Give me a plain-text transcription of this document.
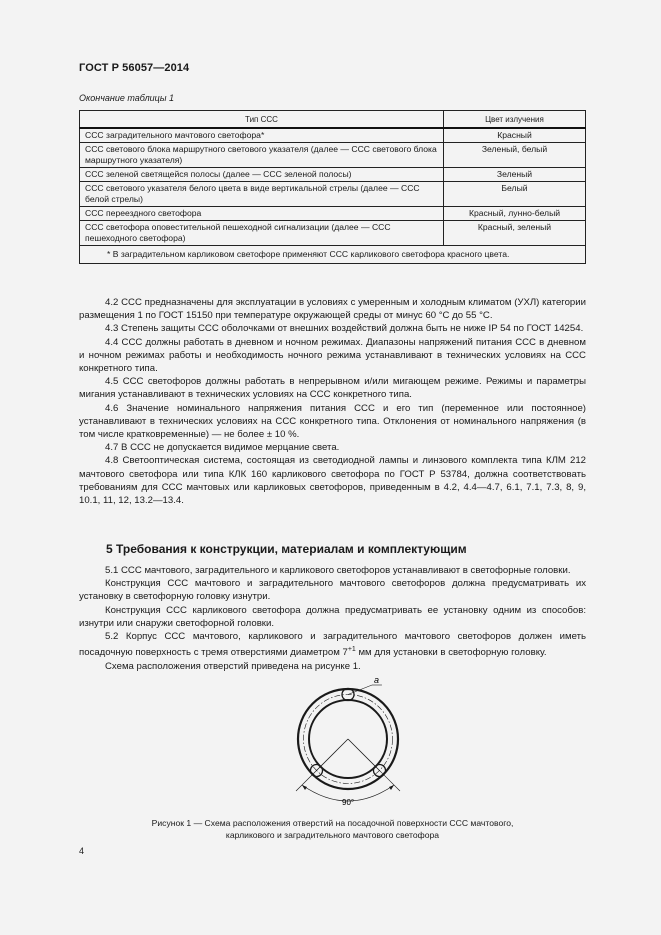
ГОСТ Р 56057—2014
Окончание таблицы 1
Тип ССС	Цвет излучения
ССС заградительного мачтового светофора*	Красный
ССС светового блока маршрутного светового указателя (далее — ССС светового блока маршрутного указателя)	Зеленый, белый
ССС зеленой светящейся полосы (далее — ССС зеленой полосы)	Зеленый
ССС светового указателя белого цвета в виде вертикальной стрелы (далее — ССС белой стрелы)	Белый
ССС переездного светофора	Красный, лунно-белый
ССС светофора оповестительной пешеходной сигнализации (далее — ССС пешеходного светофора)	Красный, зеленый
* В заградительном карликовом светофоре применяют ССС карликового светофора красного цвета.	

4.2 ССС предназначены для эксплуатации в условиях с умеренным и холодным климатом (УХЛ) категории размещения 1 по ГОСТ 15150 при температуре окружающей среды от минус 60 °С до 55 °С.

4.3 Степень защиты ССС оболочками от внешних воздействий должна быть не ниже IP 54 по ГОСТ 14254.

4.4 ССС должны работать в дневном и ночном режимах. Диапазоны напряжений питания ССС в дневном и ночном режимах работы и необходимость ночного режима устанавливают в технических условиях на ССС конкретного типа.

4.5 ССС светофоров должны работать в непрерывном и/или мигающем режиме. Режимы и параметры мигания устанавливают в технических условиях на ССС конкретного типа.

4.6 Значение номинального напряжения питания ССС и его тип (переменное или постоянное) устанавливают в технических условиях на ССС конкретного типа. Отклонения от номинального напряжения (в том числе кратковременные) — не более ± 10 %.

4.7 В ССС не допускается видимое мерцание света.

4.8 Светооптическая система, состоящая из светодиодной лампы и линзового комплекта типа КЛМ 212 мачтового светофора или типа КЛК 160 карликового светофора по ГОСТ Р 53784, должна соответствовать требованиям для ССС мачтовых или карликовых светофоров, приведенным в 4.2, 4.4—4.7, 6.1, 7.1, 7.3, 8, 9, 10.1, 11, 12, 13.2—13.4.

5 Требования к конструкции, материалам и комплектующим

5.1 ССС мачтового, заградительного и карликового светофоров устанавливают в светофорные головки.

Конструкция ССС мачтового и заградительного мачтового светофоров должна предусматривать их установку в светофорную головку изнутри.

Конструкция ССС карликового светофора должна предусматривать ее установку одним из способов: изнутри или снаружи светофорной головки.

5.2 Корпус ССС мачтового, карликового и заградительного мачтового светофоров должен иметь посадочную поверхность с тремя отверстиями диаметром $7^{+1}$ мм для установки в светофорную головку.

Схема расположения отверстий приведена на рисунке 1.

a
90°
Рисунок 1 — Схема расположения отверстий на посадочной поверхности ССС мачтового,
карликового и заградительного мачтового светофора
4
